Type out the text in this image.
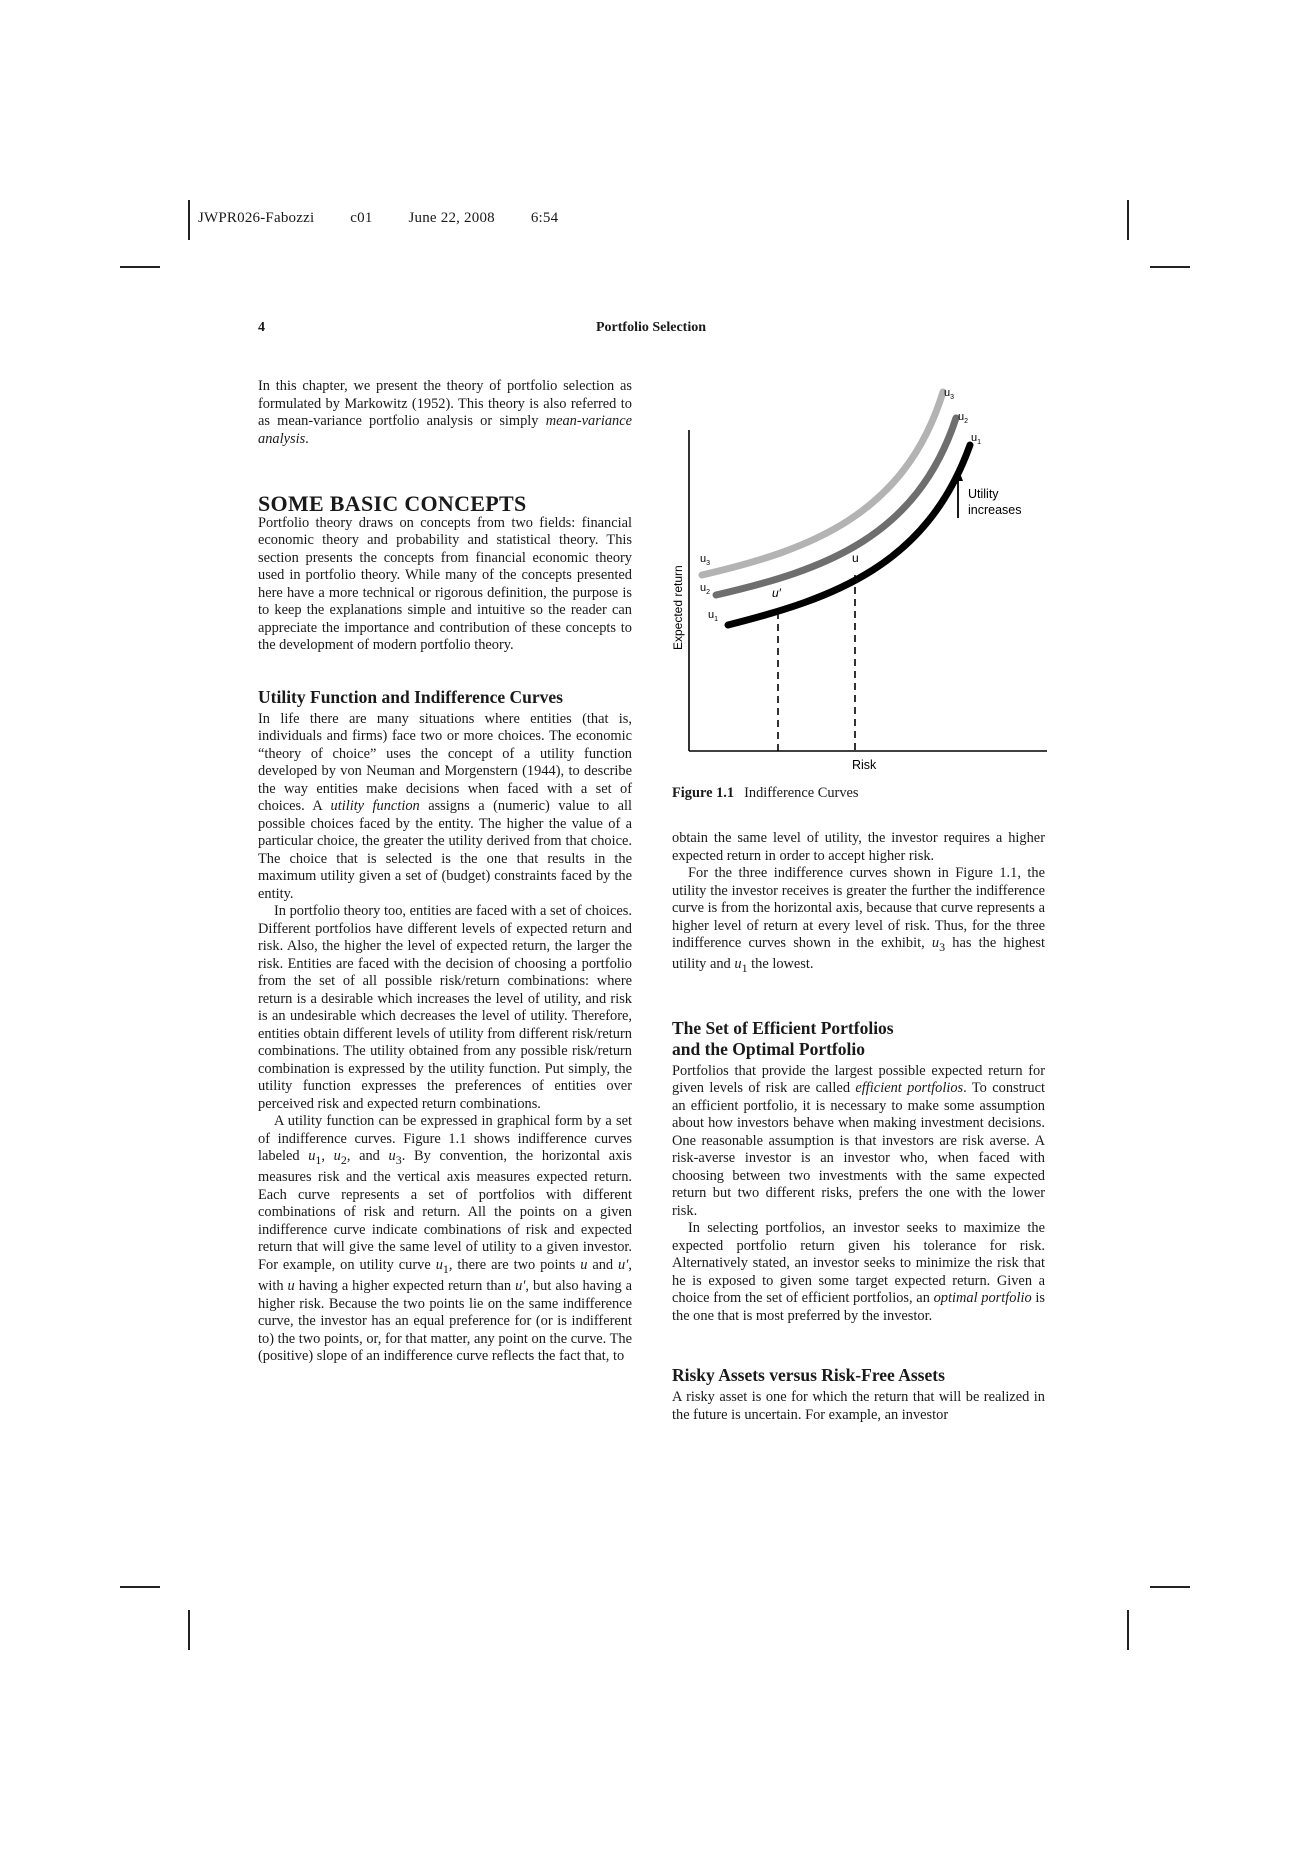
JWPR026-Fabozzi c01 June 22, 2008 6:54
4	Portfolio Selection

In this chapter, we present the theory of portfolio selection as formulated by Markowitz (1952). This theory is also referred to as mean-variance portfolio analysis or simply mean-variance analysis.

SOME BASIC CONCEPTS

Portfolio theory draws on concepts from two fields: financial economic theory and probability and statistical theory. This section presents the concepts from financial economic theory used in portfolio theory. While many of the concepts presented here have a more technical or rigorous definition, the purpose is to keep the explanations simple and intuitive so the reader can appreciate the importance and contribution of these concepts to the development of modern portfolio theory.

Utility Function and Indifference Curves

In life there are many situations where entities (that is, individuals and firms) face two or more choices. The economic “theory of choice” uses the concept of a utility function developed by von Neuman and Morgenstern (1944), to describe the way entities make decisions when faced with a set of choices. A utility function assigns a (numeric) value to all possible choices faced by the entity. The higher the value of a particular choice, the greater the utility derived from that choice. The choice that is selected is the one that results in the maximum utility given a set of (budget) constraints faced by the entity.

In portfolio theory too, entities are faced with a set of choices. Different portfolios have different levels of expected return and risk. Also, the higher the level of expected return, the larger the risk. Entities are faced with the decision of choosing a portfolio from the set of all possible risk/return combinations: where return is a desirable which increases the level of utility, and risk is an undesirable which decreases the level of utility. Therefore, entities obtain different levels of utility from different risk/return combinations. The utility obtained from any possible risk/return combination is expressed by the utility function. Put simply, the utility function expresses the preferences of entities over perceived risk and expected return combinations.

A utility function can be expressed in graphical form by a set of indifference curves. Figure 1.1 shows indifference curves labeled $u_1$, $u_2$, and $u_3$. By convention, the horizontal axis measures risk and the vertical axis measures expected return. Each curve represents a set of portfolios with different combinations of risk and return. All the points on a given indifference curve indicate combinations of risk and expected return that will give the same level of utility to a given investor. For example, on utility curve $u_1$, there are two points u and u′, with u having a higher expected return than u′, but also having a higher risk. Because the two points lie on the same indifference curve, the investor has an equal preference for (or is indifferent to) the two points, or, for that matter, any point on the curve. The (positive) slope of an indifference curve reflects the fact that, to

$u_3$
$u_2$
$u_1$
$u_3$
$u_2$
$u_1$
u′
u
Utility
increases
Risk
Expected return
Figure 1.1 Indifference Curves

obtain the same level of utility, the investor requires a higher expected return in order to accept higher risk.

For the three indifference curves shown in Figure 1.1, the utility the investor receives is greater the further the indifference curve is from the horizontal axis, because that curve represents a higher level of return at every level of risk. Thus, for the three indifference curves shown in the exhibit, $u_3$ has the highest utility and $u_1$ the lowest.

The Set of Efficient Portfolios
and the Optimal Portfolio

Portfolios that provide the largest possible expected return for given levels of risk are called efficient portfolios. To construct an efficient portfolio, it is necessary to make some assumption about how investors behave when making investment decisions. One reasonable assumption is that investors are risk averse. A risk-averse investor is an investor who, when faced with choosing between two investments with the same expected return but two different risks, prefers the one with the lower risk.

In selecting portfolios, an investor seeks to maximize the expected portfolio return given his tolerance for risk. Alternatively stated, an investor seeks to minimize the risk that he is exposed to given some target expected return. Given a choice from the set of efficient portfolios, an optimal portfolio is the one that is most preferred by the investor.

Risky Assets versus Risk-Free Assets

A risky asset is one for which the return that will be realized in the future is uncertain. For example, an investor
